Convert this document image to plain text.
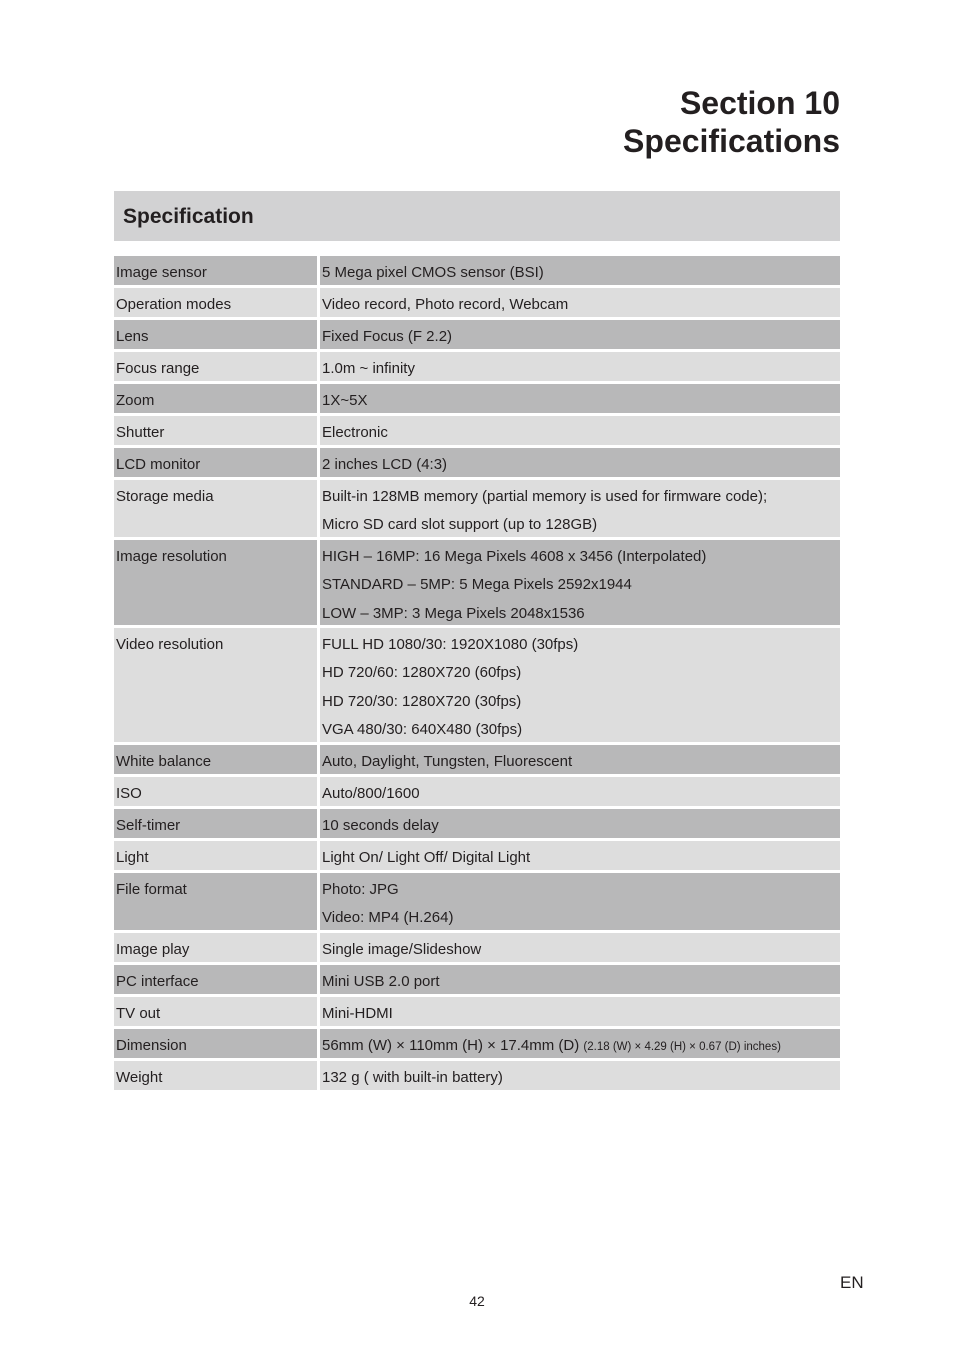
Section 10
Specifications
Specification
Image sensor	5 Mega pixel CMOS sensor (BSI)
Operation modes	Video record, Photo record, Webcam
Lens	Fixed Focus (F 2.2)
Focus range	1.0m ~ infinity
Zoom	1X~5X
Shutter	Electronic
LCD monitor	2 inches LCD (4:3)
Storage media	Built-in 128MB memory (partial memory is used for firmware code);
Micro SD card slot support (up to 128GB)
Image resolution	HIGH – 16MP: 16 Mega Pixels 4608 x 3456 (Interpolated)
STANDARD – 5MP: 5 Mega Pixels 2592x1944
LOW – 3MP: 3 Mega Pixels 2048x1536
Video resolution	FULL HD 1080/30: 1920X1080 (30fps)
HD 720/60: 1280X720 (60fps)
HD 720/30: 1280X720 (30fps)
VGA 480/30: 640X480 (30fps)
White balance	Auto, Daylight, Tungsten, Fluorescent
ISO	Auto/800/1600
Self-timer	10 seconds delay
Light	Light On/ Light Off/ Digital Light
File format	Photo: JPG
Video: MP4 (H.264)
Image play	Single image/Slideshow
PC interface	Mini USB 2.0 port
TV out	Mini-HDMI
Dimension	56mm (W) × 110mm (H) × 17.4mm (D) (2.18 (W) × 4.29 (H) × 0.67 (D) inches)
Weight	132 g ( with built-in battery)
EN
42
